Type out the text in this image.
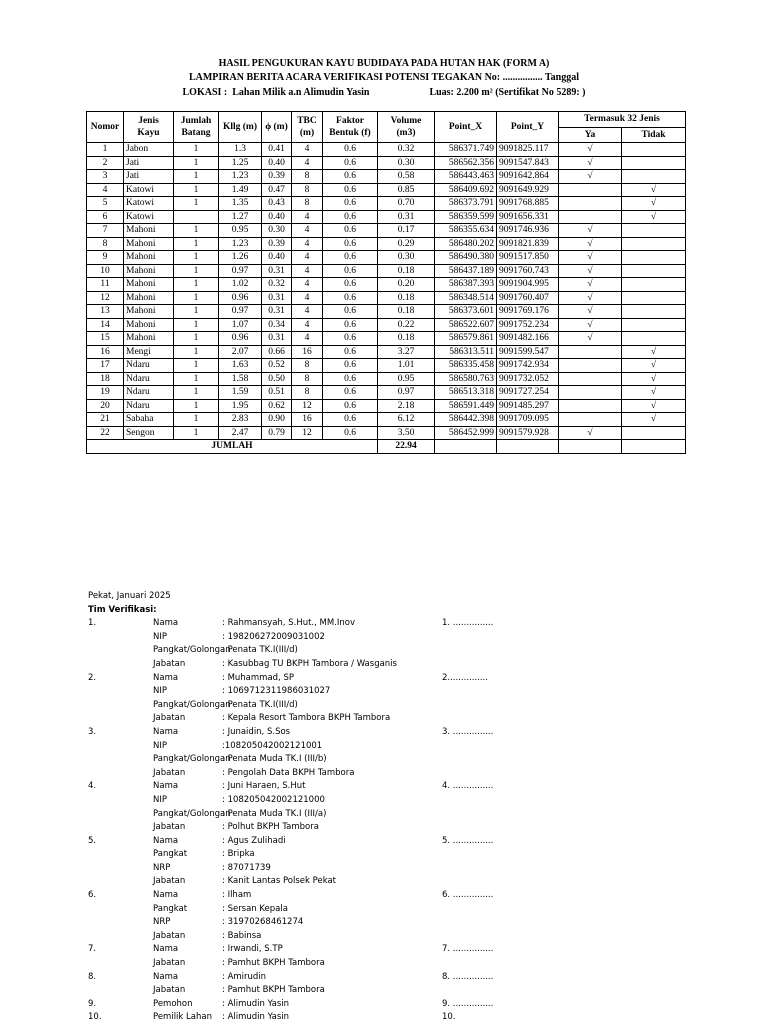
HASIL PENGUKURAN KAYU BUDIDAYA PADA HUTAN HAK (FORM A)
LAMPIRAN BERITA ACARA VERIFIKASI POTENSI TEGAKAN No: ................ Tanggal
LOKASI :  Lahan Milik a.n Alimudin Yasin	Luas: 2.200 m² (Sertifikat No 5289: )
Nomor	Jenis Kayu	Jumlah Batang	Kllg (m)	ϕ (m)	TBC (m)	Faktor Bentuk (f)	Volume (m3)	Point_X	Point_Y	Termasuk 32 Jenis	
										Ya	Tidak
1	Jabon	1	1.3	0.41	4	0.6	0.32	586371.749	9091825.117	√	
2	Jati	1	1.25	0.40	4	0.6	0.30	586562.356	9091547.843	√	
3	Jati	1	1.23	0.39	8	0.6	0.58	586443.463	9091642.864	√	
4	Katowi	1	1.49	0.47	8	0.6	0.85	586409.692	9091649.929		√
5	Katowi	1	1.35	0.43	8	0.6	0.70	586373.791	9091768.885		√
6	Katowi		1.27	0.40	4	0.6	0.31	586359.599	9091656.331		√
7	Mahoni	1	0.95	0.30	4	0.6	0.17	586355.634	9091746.936	√	
8	Mahoni	1	1.23	0.39	4	0.6	0.29	586480.202	9091821.839	√	
9	Mahoni	1	1.26	0.40	4	0.6	0.30	586490.380	9091517.850	√	
10	Mahoni	1	0.97	0.31	4	0.6	0.18	586437.189	9091760.743	√	
11	Mahoni	1	1.02	0.32	4	0.6	0.20	586387.393	9091904.995	√	
12	Mahoni	1	0.96	0.31	4	0.6	0.18	586348.514	9091760.407	√	
13	Mahoni	1	0.97	0.31	4	0.6	0.18	586373.601	9091769.176	√	
14	Mahoni	1	1.07	0.34	4	0.6	0.22	586522.607	9091752.234	√	
15	Mahoni	1	0.96	0.31	4	0.6	0.18	586579.861	9091482.166	√	
16	Mengi	1	2.07	0.66	16	0.6	3.27	586313.511	9091599.547		√
17	Ndaru	1	1.63	0.52	8	0.6	1.01	586335.458	9091742.934		√
18	Ndaru	1	1.58	0.50	8	0.6	0.95	586580.763	9091732.052		√
19	Ndaru	1	1.59	0.51	8	0.6	0.97	586513.318	9091727.254		√
20	Ndaru	1	1.95	0.62	12	0.6	2.18	586591.449	9091485.297		√
21	Sabaha	1	2.83	0.90	16	0.6	6.12	586442.398	9091709.095		√
22	Sengon	1	2.47	0.79	12	0.6	3.50	586452.999	9091579.928	√	
JUMLAH							22.94				
Pekat, Januari 2025
Tim Verifikasi:
1.	Nama	: Rahmansyah, S.Hut., MM.Inov	1. ...............
NIP	: 198206272009031002
Pangkat/Golongan
: Penata TK.I(III/d)
Jabatan	: Kasubbag TU BKPH Tambora / Wasganis
2.	Nama	: Muhammad, SP	2...............
NIP	: 1069712311986031027
Pangkat/Golongan
: Penata TK.I(III/d)
Jabatan	: Kepala Resort Tambora BKPH Tambora
3.	Nama	: Junaidin, S.Sos	3. ...............
NIP	:108205042002121001
Pangkat/Golongan
: Penata Muda TK.I (III/b)
Jabatan	: Pengolah Data BKPH Tambora
4.	Nama	: Juni Haraen, S.Hut	4. ...............
NIP	: 108205042002121000
Pangkat/Golongan
: Penata Muda TK.I (III/a)
Jabatan	: Polhut BKPH Tambora
5.	Nama	: Agus Zulihadi	5. ...............
Pangkat	: Bripka
NRP	: 87071739
Jabatan	: Kanit Lantas Polsek Pekat
6.	Nama	: Ilham	6. ...............
Pangkat	: Sersan Kepala
NRP	: 31970268461274
Jabatan	: Babinsa
7.	Nama	: Irwandi, S.TP	7. ...............
Jabatan	: Pamhut BKPH Tambora
8.	Nama	: Amirudin	8. ...............
Jabatan	: Pamhut BKPH Tambora
9.	Pemohon	: Alimudin Yasin	9. ...............
10.	Pemilik Lahan : Alimudin Yasin	10.
